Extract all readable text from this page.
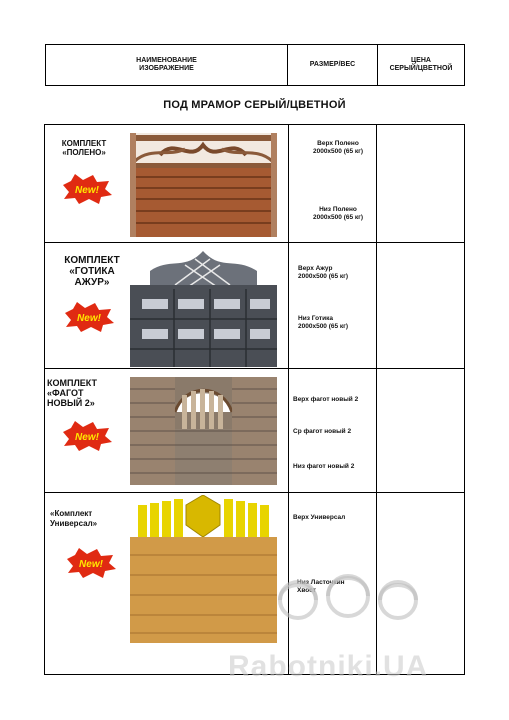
НАИМЕНОВАНИЕ
ИЗОБРАЖЕНИЕ
РАЗМЕР/ВЕС
ЦЕНА
СЕРЫЙ/ЦВЕТНОЙ
ПОД МРАМОР СЕРЫЙ/ЦВЕТНОЙ
КОМПЛЕКТ
«ПОЛЕНО»
New!
Верх Полено
2000х500 (65 кг)
Низ Полено
2000х500 (65 кг)
КОМПЛЕКТ
«ГОТИКА
АЖУР»
New!
Верх Ажур
2000х500 (65 кг)
Низ Готика
2000х500 (65 кг)
КОМПЛЕКТ
«ФАГОТ
НОВЫЙ 2»
New!
Верх фагот новый 2
Ср фагот новый 2
Низ фагот новый 2
«Комплект
Универсал»
New!
Верх Универсал
Низ Ласточкин
Хвост
Rabotniki.UA
